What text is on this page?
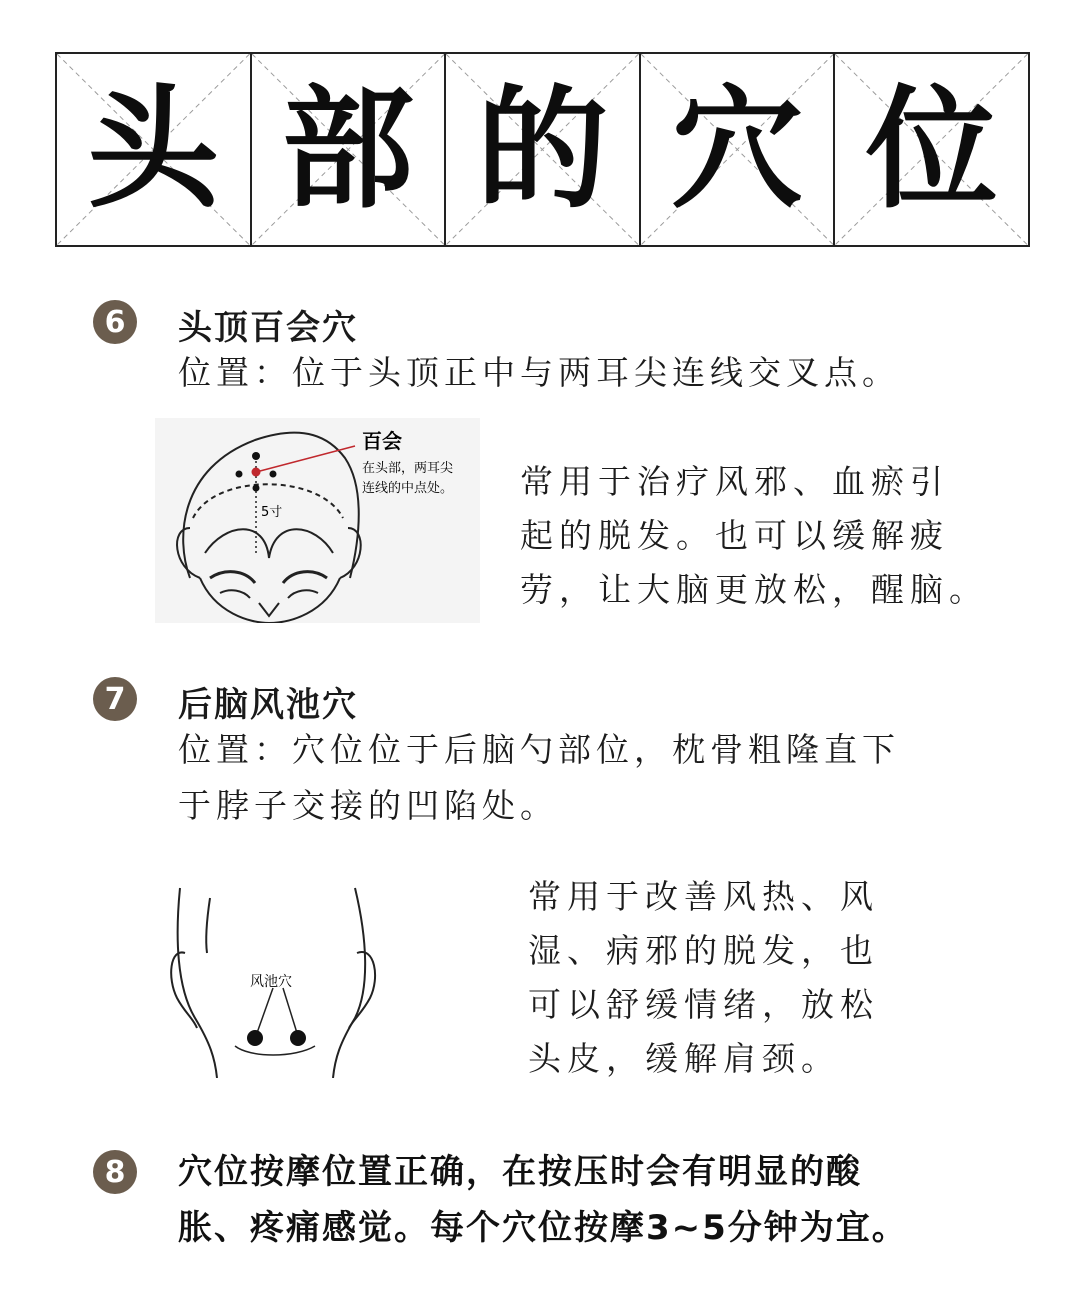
头 部 的 穴 位
6	头顶百会穴
位置：位于头顶正中与两耳尖连线交叉点。
百会
在头部，两耳尖
连线的中点处。
5寸
常用于治疗风邪、血瘀引
起的脱发。也可以缓解疲
劳，让大脑更放松，醒脑。
7	后脑风池穴
位置：穴位位于后脑勺部位，枕骨粗隆直下
于脖子交接的凹陷处。
风池穴
常用于改善风热、风
湿、病邪的脱发，也
可以舒缓情绪，放松
头皮，缓解肩颈。
8	穴位按摩位置正确，在按压时会有明显的酸
胀、疼痛感觉。每个穴位按摩3~5分钟为宜。
